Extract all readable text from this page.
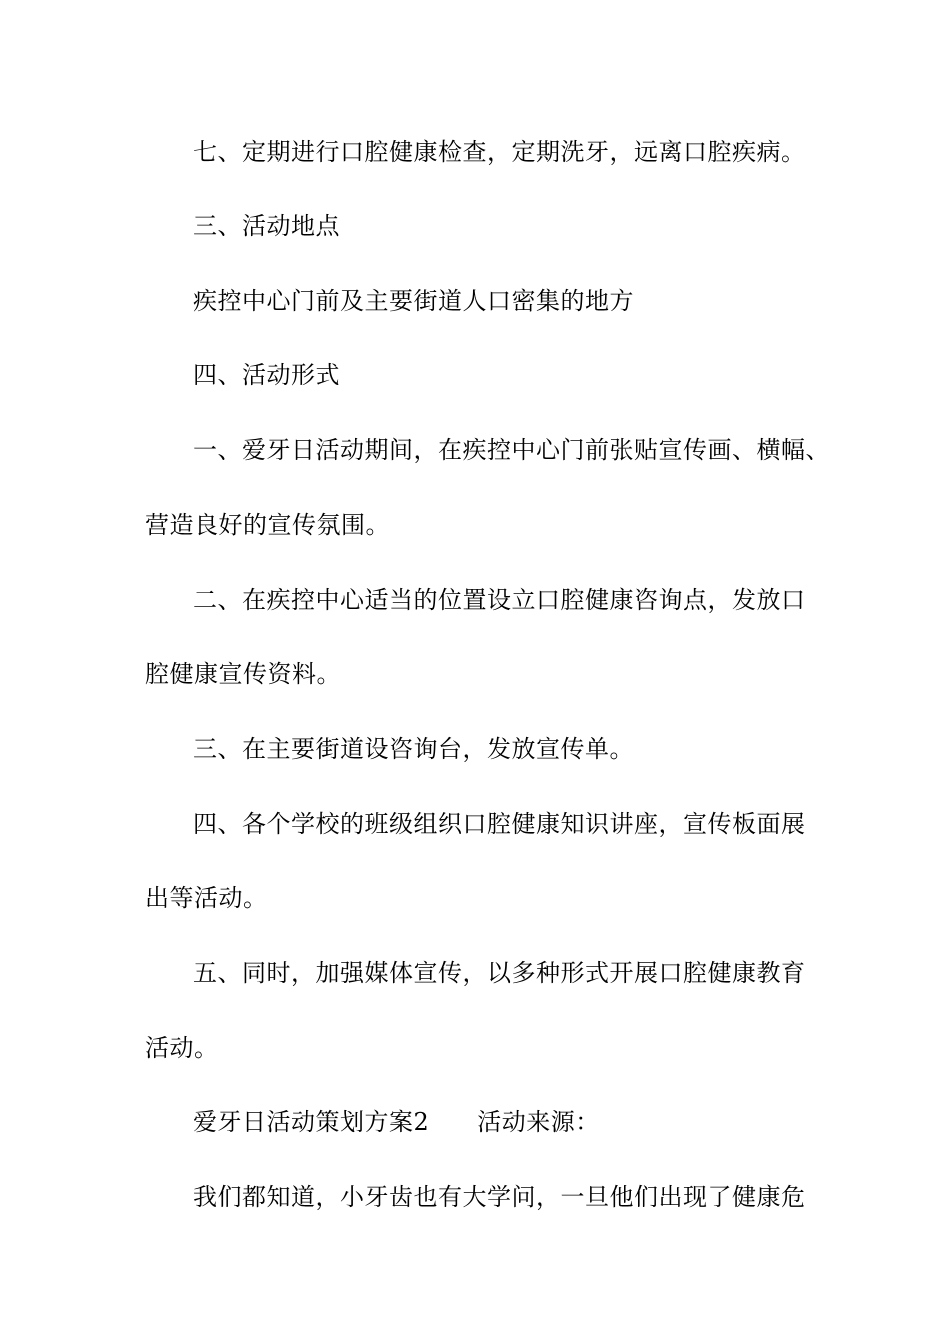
七、定期进行口腔健康检查，定期洗牙，远离口腔疾病。
三、活动地点
疾控中心门前及主要街道人口密集的地方
四、活动形式
一、爱牙日活动期间，在疾控中心门前张贴宣传画、横幅、
营造良好的宣传氛围。
二、在疾控中心适当的位置设立口腔健康咨询点，发放口
腔健康宣传资料。
三、在主要街道设咨询台，发放宣传单。
四、各个学校的班级组织口腔健康知识讲座，宣传板面展
出等活动。
五、同时，加强媒体宣传，以多种形式开展口腔健康教育
活动。
爱牙日活动策划方案2 活动来源：
我们都知道，小牙齿也有大学问，一旦他们出现了健康危
